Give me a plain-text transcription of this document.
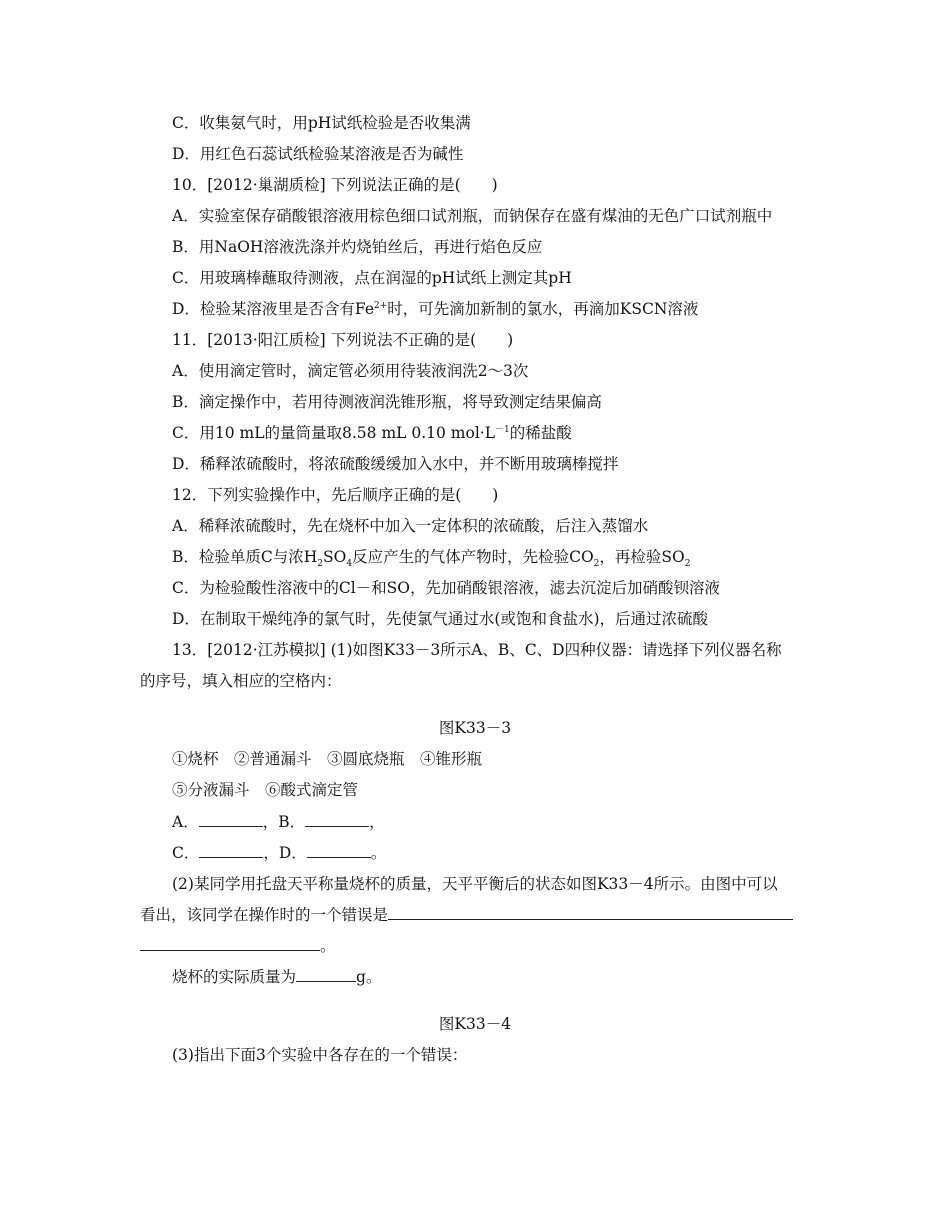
C．收集氨气时，用pH试纸检验是否收集满
D．用红色石蕊试纸检验某溶液是否为碱性
10．[2012·巢湖质检] 下列说法正确的是(　　)
A．实验室保存硝酸银溶液用棕色细口试剂瓶，而钠保存在盛有煤油的无色广口试剂瓶中
B．用NaOH溶液洗涤并灼烧铂丝后，再进行焰色反应
C．用玻璃棒蘸取待测液，点在润湿的pH试纸上测定其pH
D．检验某溶液里是否含有$Fe^{2+}$时，可先滴加新制的氯水，再滴加KSCN溶液
11．[2013·阳江质检] 下列说法不正确的是(　　)
A．使用滴定管时，滴定管必须用待装液润洗2～3次
B．滴定操作中，若用待测液润洗锥形瓶，将导致测定结果偏高
C．用10 mL的量筒量取8.58 mL 0.10 $mol\cdot L^{-1}$的稀盐酸
D．稀释浓硫酸时，将浓硫酸缓缓加入水中，并不断用玻璃棒搅拌
12．下列实验操作中，先后顺序正确的是(　　)
A．稀释浓硫酸时，先在烧杯中加入一定体积的浓硫酸，后注入蒸馏水
B．检验单质C与浓$H_2SO_4$反应产生的气体产物时，先检验$CO_2$，再检验$SO_2$
C．为检验酸性溶液中的Cl－和SO，先加硝酸银溶液，滤去沉淀后加硝酸钡溶液
D．在制取干燥纯净的氯气时，先使氯气通过水(或饱和食盐水)，后通过浓硫酸
13．[2012·江苏模拟] (1)如图K33－3所示A、B、C、D四种仪器：请选择下列仪器名称
的序号，填入相应的空格内：
图K33－3
①烧杯　②普通漏斗　③圆底烧瓶　④锥形瓶
⑤分液漏斗　⑥酸式滴定管
A．	，B．	，
C．	，D．	。
(2)某同学用托盘天平称量烧杯的质量，天平平衡后的状态如图K33－4所示。由图中可以
看出，该同学在操作时的一个错误是
。
烧杯的实际质量为	g。
图K33－4
(3)指出下面3个实验中各存在的一个错误：
